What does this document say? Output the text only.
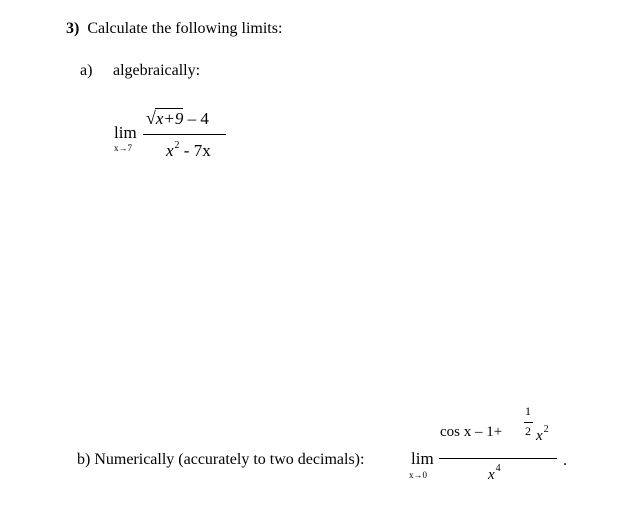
3) Calculate the following limits:
a) algebraically:
lim
x→7
√x+9 – 4
$x^2 - 7x$
b) Numerically (accurately to two decimals):	lim
x→0
cos x – 1+
1
2 $x^2$
$x^4$	.
